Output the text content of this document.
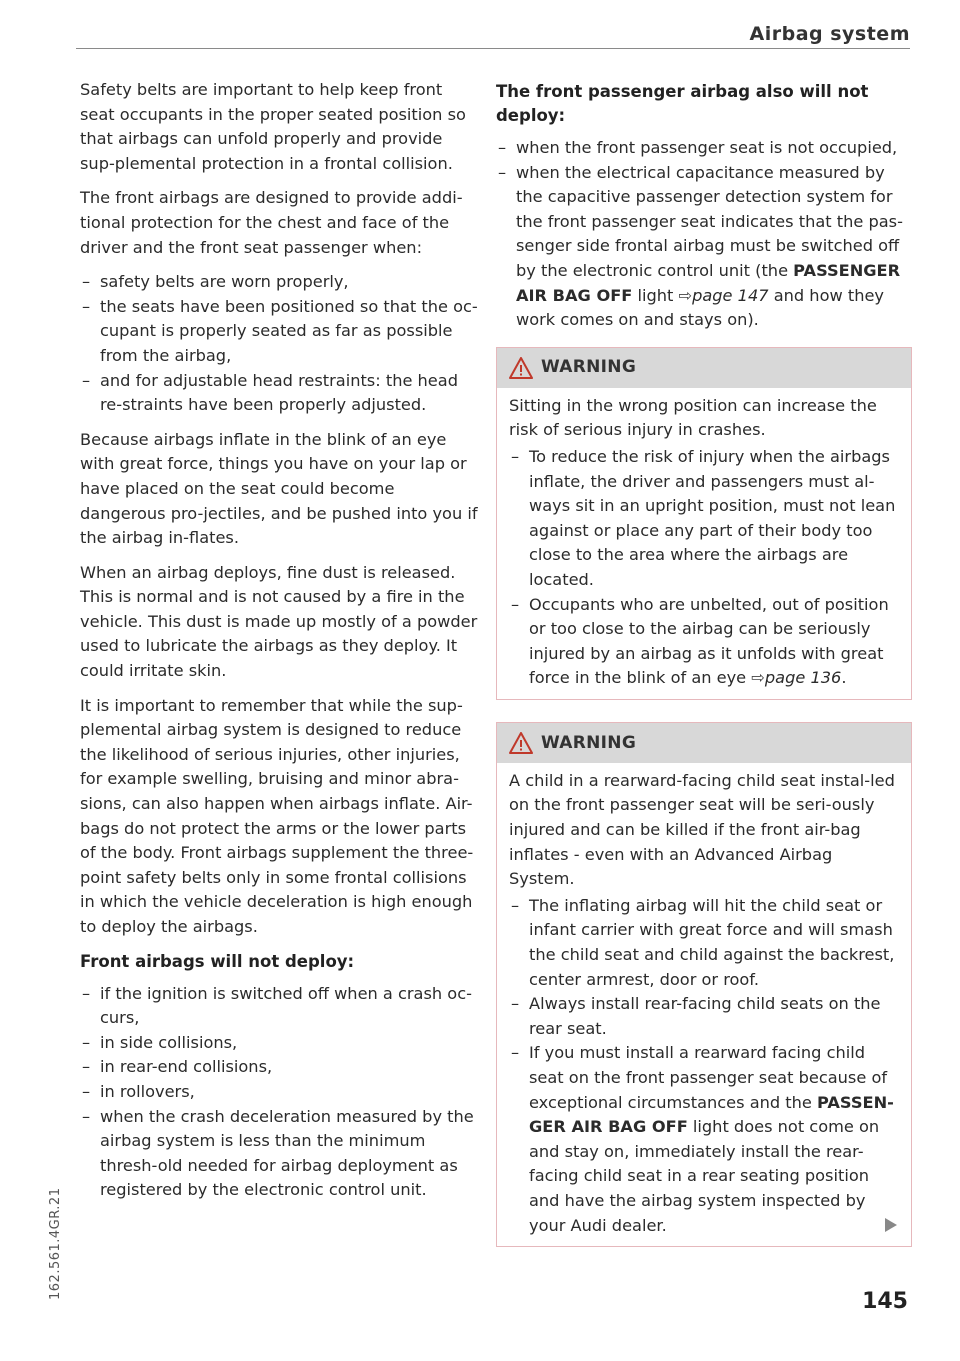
Airbag system

Safety belts are important to help keep front seat occupants in the proper seated position so that airbags can unfold properly and provide sup-plemental protection in a frontal collision.

The front airbags are designed to provide addi-tional protection for the chest and face of the driver and the front seat passenger when:

– safety belts are worn properly,
– the seats have been positioned so that the oc-cupant is properly seated as far as possible from the airbag,
– and for adjustable head restraints: the head re-straints have been properly adjusted.

Because airbags inflate in the blink of an eye with great force, things you have on your lap or have placed on the seat could become dangerous pro-jectiles, and be pushed into you if the airbag in-flates.

When an airbag deploys, fine dust is released. This is normal and is not caused by a fire in the vehicle. This dust is made up mostly of a powder used to lubricate the airbags as they deploy. It could irritate skin.

It is important to remember that while the sup-plemental airbag system is designed to reduce the likelihood of serious injuries, other injuries, for example swelling, bruising and minor abra-sions, can also happen when airbags inflate. Air-bags do not protect the arms or the lower parts of the body. Front airbags supplement the three-point safety belts only in some frontal collisions in which the vehicle deceleration is high enough to deploy the airbags.

Front airbags will not deploy:
– if the ignition is switched off when a crash oc-curs,
– in side collisions,
– in rear-end collisions,
– in rollovers,
– when the crash deceleration measured by the airbag system is less than the minimum thresh-old needed for airbag deployment as registered by the electronic control unit.
The front passenger airbag also will not deploy:
– when the front passenger seat is not occupied,
– when the electrical capacitance measured by the capacitive passenger detection system for the front passenger seat indicates that the pas-senger side frontal airbag must be switched off by the electronic control unit (the PASSENGER AIR BAG OFF light ⇨page 147 and how they work comes on and stays on).
WARNING

Sitting in the wrong position can increase the risk of serious injury in crashes.

– To reduce the risk of injury when the airbags inflate, the driver and passengers must al-ways sit in an upright position, must not lean against or place any part of their body too close to the area where the airbags are located.
– Occupants who are unbelted, out of position or too close to the airbag can be seriously injured by an airbag as it unfolds with great force in the blink of an eye ⇨page 136.
WARNING

A child in a rearward-facing child seat instal-led on the front passenger seat will be seri-ously injured and can be killed if the front air-bag inflates - even with an Advanced Airbag System.

– The inflating airbag will hit the child seat or infant carrier with great force and will smash the child seat and child against the backrest, center armrest, door or roof.
– Always install rear-facing child seats on the rear seat.
– If you must install a rearward facing child seat on the front passenger seat because of exceptional circumstances and the PASSEN-GER AIR BAG OFF light does not come on and stay on, immediately install the rear-facing child seat in a rear seating position and have the airbag system inspected by your Audi dealer.
145
162.561.4GR.21
